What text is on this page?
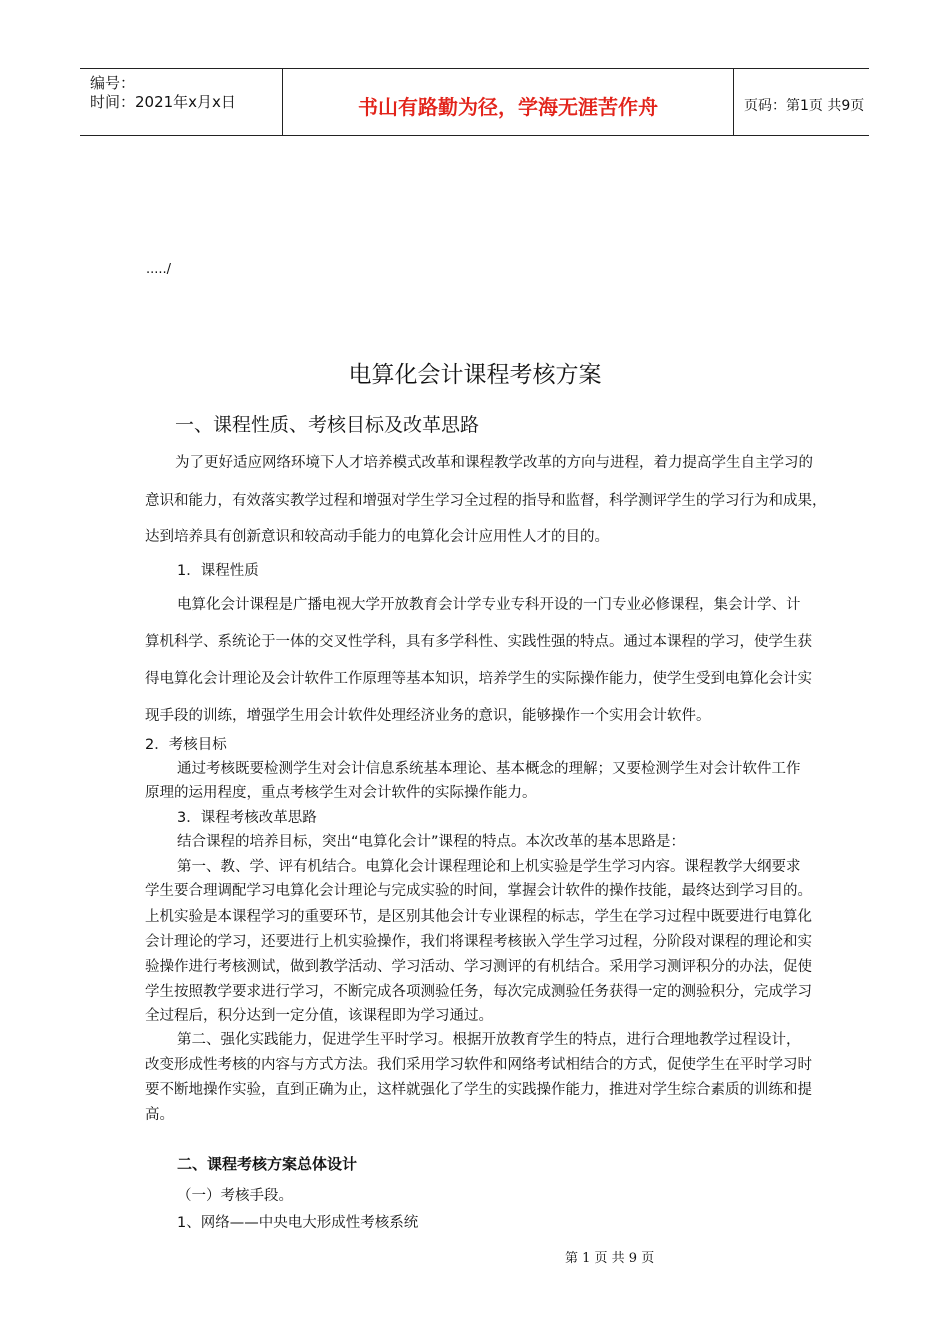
编号：
时间：2021年x月x日	书山有路勤为径，学海无涯苦作舟	页码：第1页 共9页
...../
电算化会计课程考核方案
一、课程性质、考核目标及改革思路
为了更好适应网络环境下人才培养模式改革和课程教学改革的方向与进程，着力提高学生自主学习的
意识和能力，有效落实教学过程和增强对学生学习全过程的指导和监督，科学测评学生的学习行为和成果，
达到培养具有创新意识和较高动手能力的电算化会计应用性人才的目的。
1．课程性质
电算化会计课程是广播电视大学开放教育会计学专业专科开设的一门专业必修课程，集会计学、计
算机科学、系统论于一体的交叉性学科，具有多学科性、实践性强的特点。通过本课程的学习，使学生获
得电算化会计理论及会计软件工作原理等基本知识，培养学生的实际操作能力，使学生受到电算化会计实
现手段的训练，增强学生用会计软件处理经济业务的意识，能够操作一个实用会计软件。
2．考核目标
通过考核既要检测学生对会计信息系统基本理论、基本概念的理解；又要检测学生对会计软件工作
原理的运用程度，重点考核学生对会计软件的实际操作能力。
3．课程考核改革思路
结合课程的培养目标，突出“电算化会计”课程的特点。本次改革的基本思路是：
第一、教、学、评有机结合。电算化会计课程理论和上机实验是学生学习内容。课程教学大纲要求
学生要合理调配学习电算化会计理论与完成实验的时间，掌握会计软件的操作技能，最终达到学习目的。
上机实验是本课程学习的重要环节，是区别其他会计专业课程的标志，学生在学习过程中既要进行电算化
会计理论的学习，还要进行上机实验操作，我们将课程考核嵌入学生学习过程，分阶段对课程的理论和实
验操作进行考核测试，做到教学活动、学习活动、学习测评的有机结合。采用学习测评积分的办法，促使
学生按照教学要求进行学习，不断完成各项测验任务，每次完成测验任务获得一定的测验积分，完成学习
全过程后，积分达到一定分值，该课程即为学习通过。
第二、强化实践能力，促进学生平时学习。根据开放教育学生的特点，进行合理地教学过程设计，
改变形成性考核的内容与方式方法。我们采用学习软件和网络考试相结合的方式，促使学生在平时学习时
要不断地操作实验，直到正确为止，这样就强化了学生的实践操作能力，推进对学生综合素质的训练和提
高。
二、课程考核方案总体设计
（一）考核手段。
1、网络——中央电大形成性考核系统
第 1 页 共 9 页
